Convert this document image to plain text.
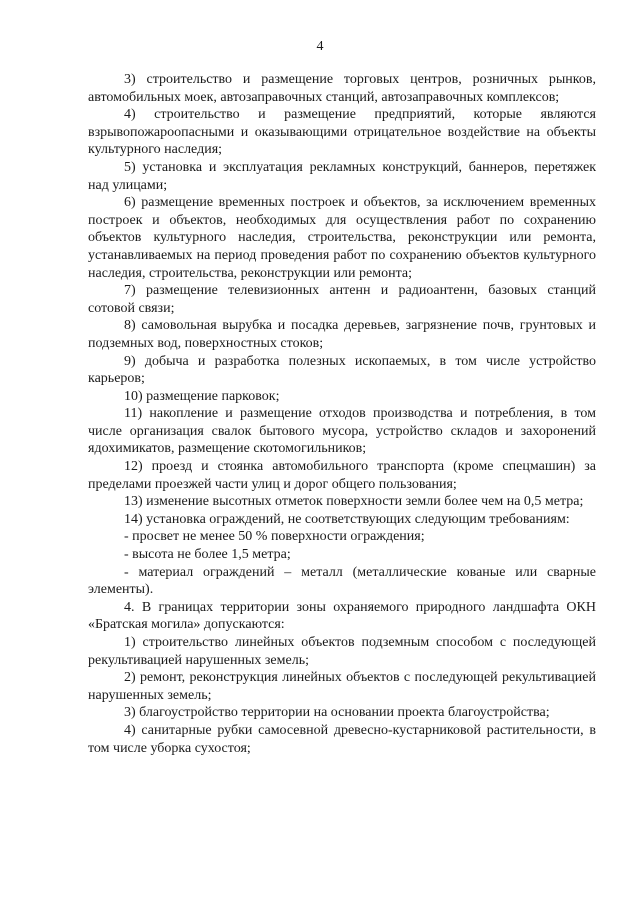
4

3) строительство и размещение торговых центров, розничных рынков, автомобильных моек, автозаправочных станций, автозаправочных комплексов;

4) строительство и размещение предприятий, которые являются взрывопожароопасными и оказывающими отрицательное воздействие на объекты культурного наследия;

5) установка и эксплуатация рекламных конструкций, баннеров, перетяжек над улицами;

6) размещение временных построек и объектов, за исключением временных построек и объектов, необходимых для осуществления работ по сохранению объектов культурного наследия, строительства, реконструкции или ремонта, устанавливаемых на период проведения работ по сохранению объектов культурного наследия, строительства, реконструкции или ремонта;

7) размещение телевизионных антенн и радиоантенн, базовых станций сотовой связи;

8) самовольная вырубка и посадка деревьев, загрязнение почв, грунтовых и подземных вод, поверхностных стоков;

9) добыча и разработка полезных ископаемых, в том числе устройство карьеров;

10) размещение парковок;

11) накопление и размещение отходов производства и потребления, в том числе организация свалок бытового мусора, устройство складов и захоронений ядохимикатов, размещение скотомогильников;

12) проезд и стоянка автомобильного транспорта (кроме спецмашин) за пределами проезжей части улиц и дорог общего пользования;

13) изменение высотных отметок поверхности земли более чем на 0,5 метра;

14) установка ограждений, не соответствующих следующим требованиям:

- просвет не менее 50 % поверхности ограждения;

- высота не более 1,5 метра;

- материал ограждений – металл (металлические кованые или сварные элементы).

4. В границах территории зоны охраняемого природного ландшафта ОКН «Братская могила» допускаются:

1) строительство линейных объектов подземным способом с последующей рекультивацией нарушенных земель;

2) ремонт, реконструкция линейных объектов с последующей рекультивацией нарушенных земель;

3) благоустройство территории на основании проекта благоустройства;

4) санитарные рубки самосевной древесно-кустарниковой растительности, в том числе уборка сухостоя;
